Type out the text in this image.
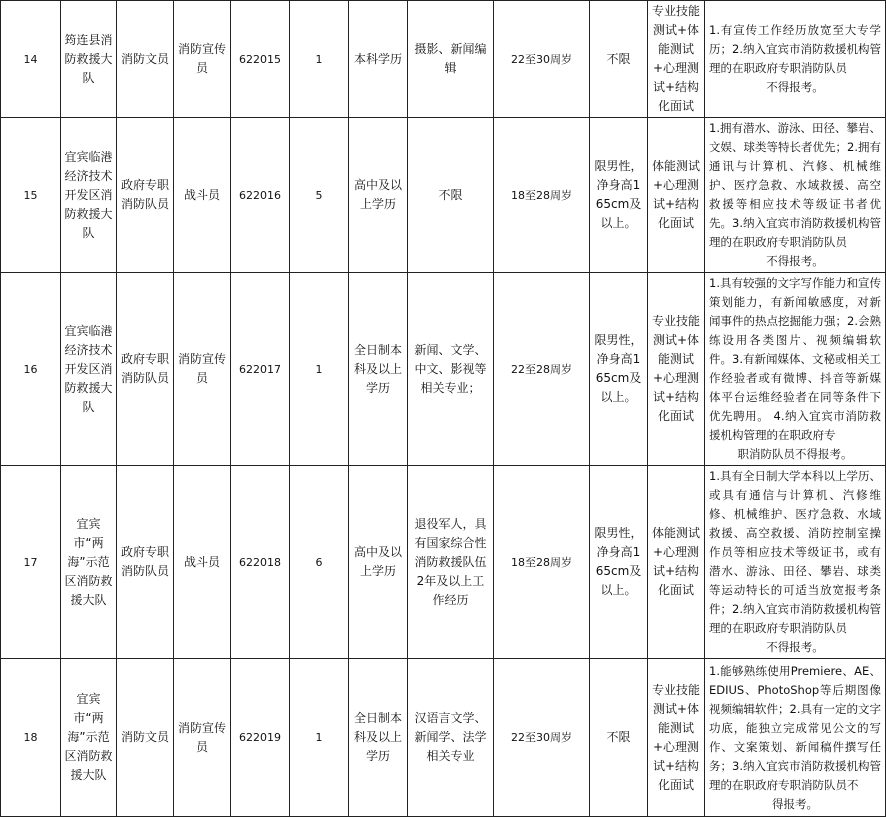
14	筠连县消防救援大队	消防文员	消防宣传员	622015	1	本科学历	摄影、新闻编辑	22至30周岁	不限	专业技能测试+体能测试+心理测试+结构化面试	1.有宣传工作经历放宽至大专学历；2.纳入宜宾市消防救援机构管理的在职政府专职消防队员
不得报考。

15	宜宾临港经济技术开发区消防救援大队	政府专职消防队员	战斗员	622016	5	高中及以上学历	不限	18至28周岁	限男性，净身高165cm及以上。	体能测试+心理测试+结构化面试	1.拥有潜水、游泳、田径、攀岩、文娱、球类等特长者优先；2.拥有通讯与计算机、汽修、机械维护、医疗急救、水域救援、高空救援等相应技术等级证书者优先。3.纳入宜宾市消防救援机构管理的在职政府专职消防队员
不得报考。

16	宜宾临港经济技术开发区消防救援大队	政府专职消防队员	消防宣传员	622017	1	全日制本科及以上学历	新闻、文学、中文、影视等相关专业；	22至28周岁	限男性，净身高165cm及以上。	专业技能测试+体能测试+心理测试+结构化面试	1.具有较强的文字写作能力和宣传策划能力，有新闻敏感度，对新闻事件的热点挖掘能力强；2.会熟练设用各类图片、视频编辑软件。3.有新闻媒体、文秘或相关工作经验者或有微博、抖音等新媒体平台运维经验者在同等条件下优先聘用。 4.纳入宜宾市消防救援机构管理的在职政府专
职消防队员不得报考。

17	宜宾市“两海”示范区消防救援大队	政府专职消防队员	战斗员	622018	6	高中及以上学历	退役军人，具有国家综合性消防救援队伍2年及以上工作经历	18至28周岁	限男性，净身高165cm及以上。	体能测试+心理测试+结构化面试	1.具有全日制大学本科以上学历、或具有通信与计算机、汽修维修、机械维护、医疗急救、水域救援、高空救援、消防控制室操作员等相应技术等级证书，或有潜水、游泳、田径、攀岩、球类等运动特长的可适当放宽报考条件；2.纳入宜宾市消防救援机构管理的在职政府专职消防队员
不得报考。

18	宜宾市“两海”示范区消防救援大队	消防文员	消防宣传员	622019	1	全日制本科及以上学历	汉语言文学、新闻学、法学相关专业	22至30周岁	不限	专业技能测试+体能测试+心理测试+结构化面试	1.能够熟练使用Premiere、AE、EDIUS、PhotoShop等后期图像视频编辑软件；2.具有一定的文字功底，能独立完成常见公文的写作、文案策划、新闻稿件撰写任务；3.纳入宜宾市消防救援机构管理的在职政府专职消防队员不
得报考。
